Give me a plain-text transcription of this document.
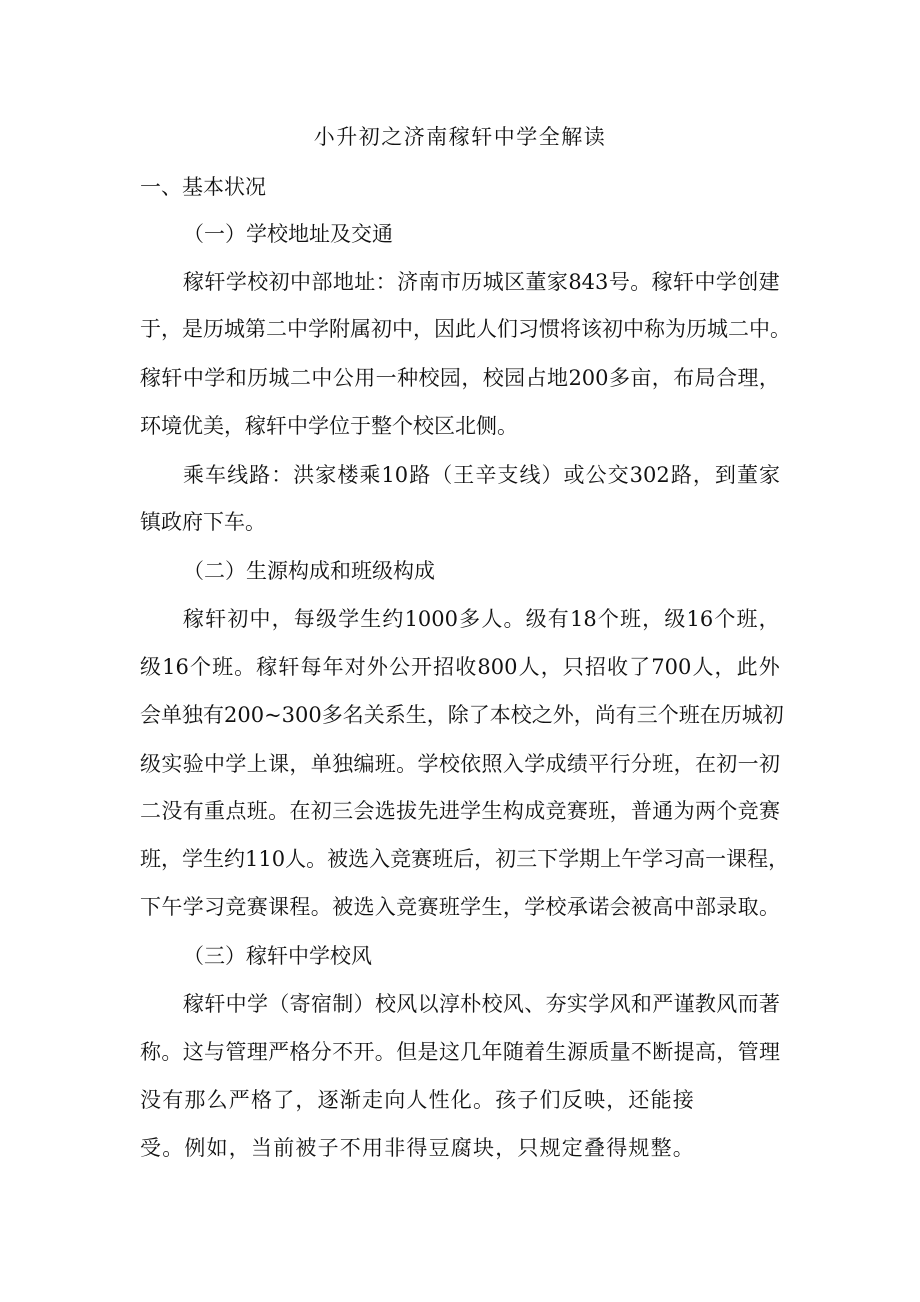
小升初之济南稼轩中学全解读
一、基本状况
（一）学校地址及交通
稼 轩 学 校 初 中 部 地 址 ： 济 南 市 历 城 区 董 家 843 号 。 稼 轩 中 学 创 建
于 ， 是 历 城 第 二 中 学 附 属 初 中 ， 因 此 人 们 习 惯 将 该 初 中 称 为 历 城 二 中 。
稼 轩 中 学 和 历 城 二 中 公 用 一 种 校 园 ， 校 园 占 地 200 多 亩 ， 布 局 合 理 ，
环境优美，稼轩中学位于整个校区北侧。
乘 车 线 路 ： 洪 家 楼 乘 10 路 （ 王 辛 支 线 ） 或 公 交 302 路 ， 到 董 家
镇政府下车。
（二）生源构成和班级构成
稼 轩 初 中 ， 每 级 学 生 约 1000 多 人 。 级 有 18 个 班 ， 级 16 个 班 ，
级 16 个 班 。 稼 轩 每 年 对 外 公 开 招 收 800 人 ， 只 招 收 了 700 人 ， 此 外
会 单 独 有 200~300 多 名 关 系 生 ， 除 了 本 校 之 外 ， 尚 有 三 个 班 在 历 城 初
级 实 验 中 学 上 课 ， 单 独 编 班 。 学 校 依 照 入 学 成 绩 平 行 分 班 ， 在 初 一 初
二 没 有 重 点 班 。 在 初 三 会 选 拔 先 进 学 生 构 成 竞 赛 班 ， 普 通 为 两 个 竞 赛
班 ， 学 生 约 110 人 。 被 选 入 竞 赛 班 后 ， 初 三 下 学 期 上 午 学 习 高 一 课 程 ，
下 午 学 习 竞 赛 课 程 。 被 选 入 竞 赛 班 学 生 ， 学 校 承 诺 会 被 高 中 部 录 取 。
（三）稼轩中学校风
稼 轩 中 学 （ 寄 宿 制 ） 校 风 以 淳 朴 校 风 、 夯 实 学 风 和 严 谨 教 风 而 著
称 。 这 与 管 理 严 格 分 不 开 。 但 是 这 几 年 随 着 生 源 质 量 不 断 提 高 ， 管 理
没有那么严格了，逐渐走向人性化。孩子们反映，还能接
受。例如，当前被子不用非得豆腐块，只规定叠得规整。
